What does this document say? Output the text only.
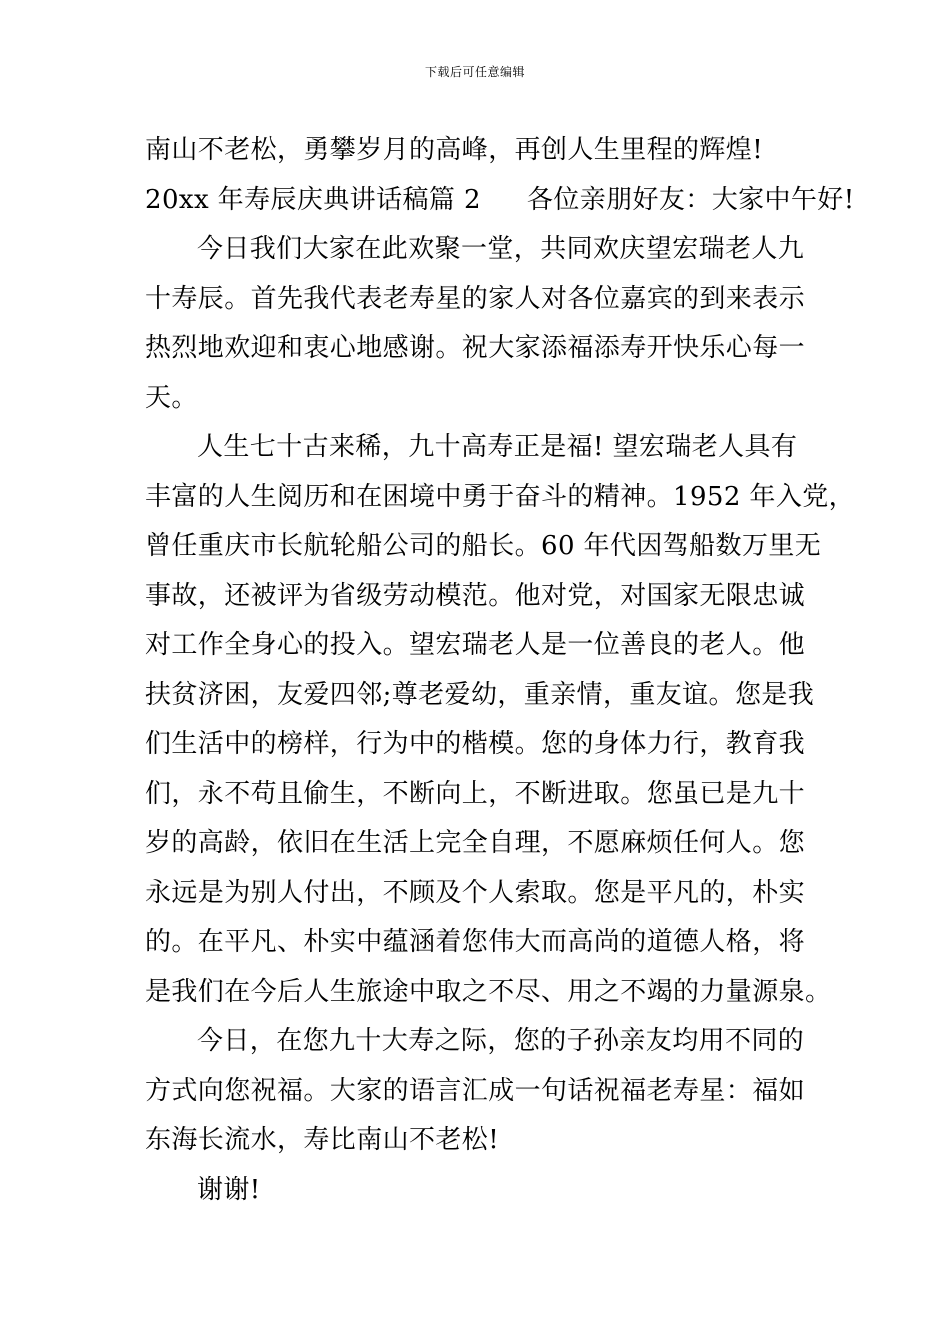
下载后可任意编辑
南山不老松，勇攀岁月的高峰，再创人生里程的辉煌!
20xx 年寿辰庆典讲话稿篇 2 各位亲朋好友：大家中午好!
今日我们大家在此欢聚一堂，共同欢庆望宏瑞老人九
十寿辰。首先我代表老寿星的家人对各位嘉宾的到来表示
热烈地欢迎和衷心地感谢。祝大家添福添寿开快乐心每一
天。
人生七十古来稀，九十高寿正是福! 望宏瑞老人具有
丰富的人生阅历和在困境中勇于奋斗的精神。1952 年入党，
曾任重庆市长航轮船公司的船长。60 年代因驾船数万里无
事故，还被评为省级劳动模范。他对党，对国家无限忠诚
对工作全身心的投入。望宏瑞老人是一位善良的老人。他
扶贫济困，友爱四邻;尊老爱幼，重亲情，重友谊。您是我
们生活中的榜样，行为中的楷模。您的身体力行，教育我
们，永不苟且偷生，不断向上，不断进取。您虽已是九十
岁的高龄，依旧在生活上完全自理，不愿麻烦任何人。您
永远是为别人付出，不顾及个人索取。您是平凡的，朴实
的。在平凡、朴实中蕴涵着您伟大而高尚的道德人格，将
是我们在今后人生旅途中取之不尽、用之不竭的力量源泉。
今日，在您九十大寿之际，您的子孙亲友均用不同的
方式向您祝福。大家的语言汇成一句话祝福老寿星：福如
东海长流水，寿比南山不老松!
谢谢!
